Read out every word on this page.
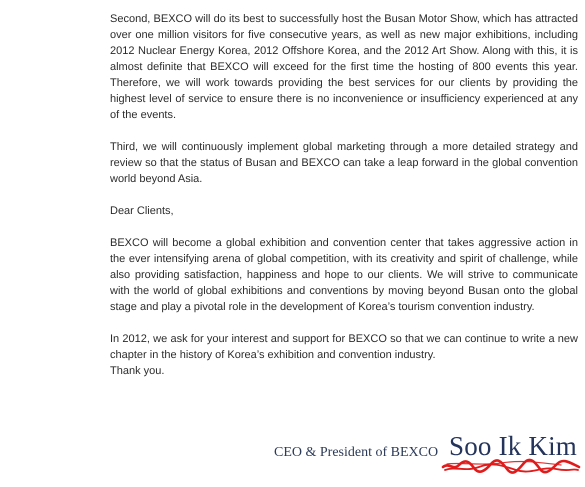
Second, BEXCO will do its best to successfully host the Busan Motor Show, which has attracted over one million visitors for five consecutive years, as well as new major exhibitions, including 2012 Nuclear Energy Korea, 2012 Offshore Korea, and the 2012 Art Show. Along with this, it is almost definite that BEXCO will exceed for the first time the hosting of 800 events this year. Therefore, we will work towards providing the best services for our clients by providing the highest level of service to ensure there is no inconvenience or insufficiency experienced at any of the events.

Third, we will continuously implement global marketing through a more detailed strategy and review so that the status of Busan and BEXCO can take a leap forward in the global convention world beyond Asia.

Dear Clients,

BEXCO will become a global exhibition and convention center that takes aggressive action in the ever intensifying arena of global competition, with its creativity and spirit of challenge, while also providing satisfaction, happiness and hope to our clients. We will strive to communicate with the world of global exhibitions and conventions by moving beyond Busan onto the global stage and play a pivotal role in the development of Korea’s tourism convention industry.

In 2012, we ask for your interest and support for BEXCO so that we can continue to write a new chapter in the history of Korea’s exhibition and convention industry.

Thank you.

CEO & President of BEXCO Soo Ik Kim
